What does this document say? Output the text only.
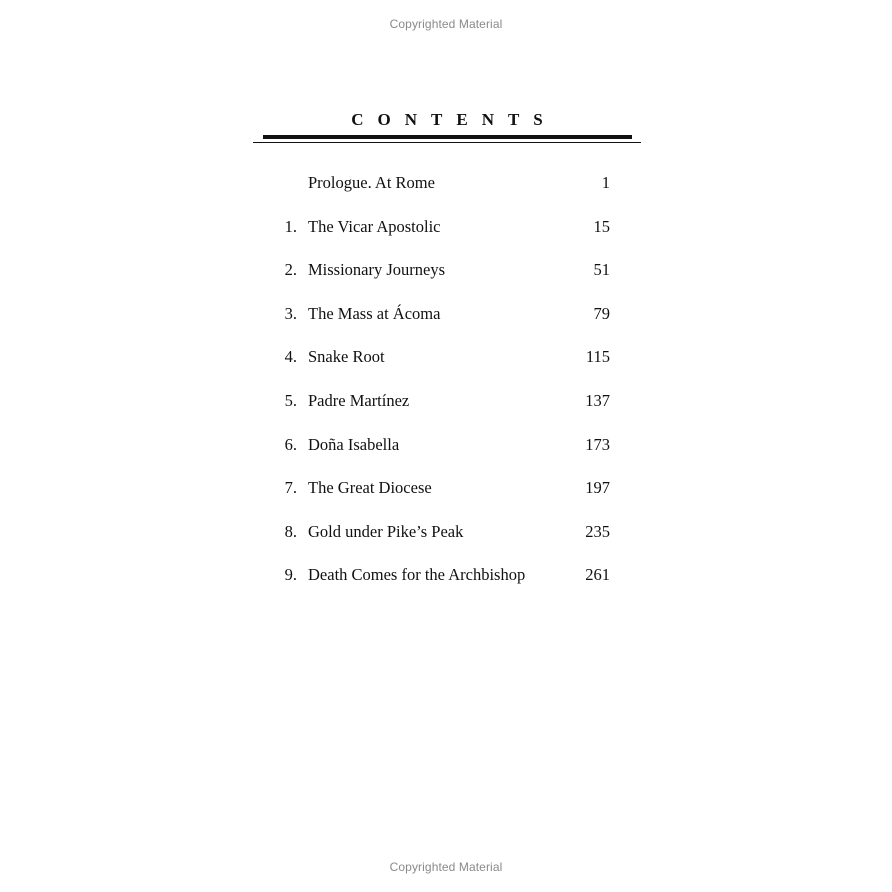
Copyrighted Material
CONTENTS
Prologue. At Rome	1
1. The Vicar Apostolic	15
2. Missionary Journeys	51
3. The Mass at Ácoma	79
4. Snake Root	115
5. Padre Martínez	137
6. Doña Isabella	173
7. The Great Diocese	197
8. Gold under Pike’s Peak	235
9. Death Comes for the Archbishop	261
Copyrighted Material
